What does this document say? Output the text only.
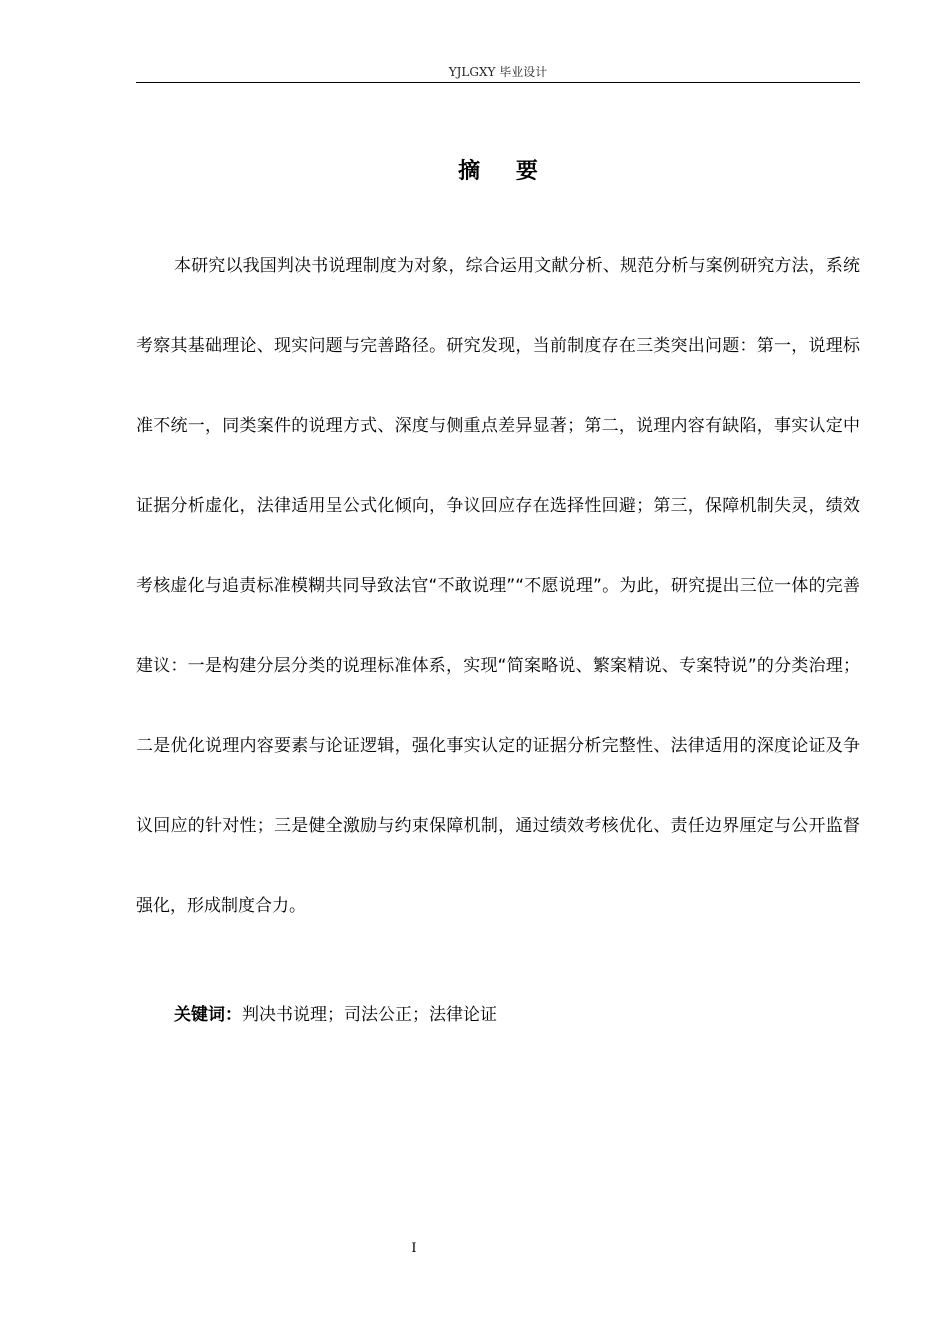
YJLGXY 毕业设计
摘 要

本研究以我国判决书说理制度为对象，综合运用文献分析、规范分析与案例研究方法，系统考察其基础理论、现实问题与完善路径。研究发现，当前制度存在三类突出问题：第一，说理标准不统一，同类案件的说理方式、深度与侧重点差异显著；第二，说理内容有缺陷，事实认定中证据分析虚化，法律适用呈公式化倾向，争议回应存在选择性回避；第三，保障机制失灵，绩效考核虚化与追责标准模糊共同导致法官“不敢说理”“不愿说理”。为此，研究提出三位一体的完善建议：一是构建分层分类的说理标准体系，实现“简案略说、繁案精说、专案特说”的分类治理；二是优化说理内容要素与论证逻辑，强化事实认定的证据分析完整性、法律适用的深度论证及争议回应的针对性；三是健全激励与约束保障机制，通过绩效考核优化、责任边界厘定与公开监督强化，形成制度合力。

关键词：判决书说理；司法公正；法律论证
I
